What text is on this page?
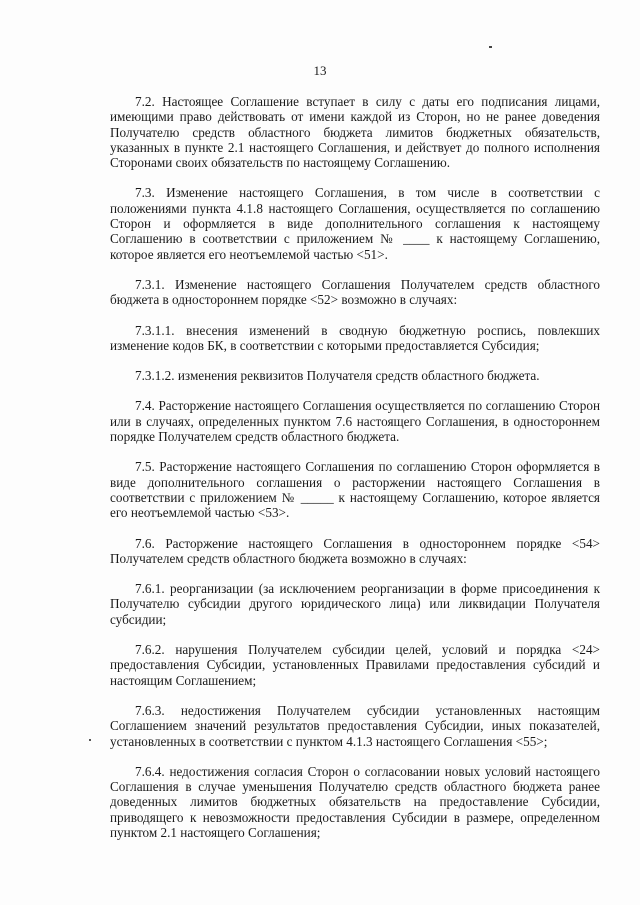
13

7.2. Настоящее Соглашение вступает в силу с даты его подписания лицами, имеющими право действовать от имени каждой из Сторон, но не ранее доведения Получателю средств областного бюджета лимитов бюджетных обязательств, указанных в пункте 2.1 настоящего Соглашения, и действует до полного исполнения Сторонами своих обязательств по настоящему Соглашению.

7.3. Изменение настоящего Соглашения, в том числе в соответствии с положениями пункта 4.1.8 настоящего Соглашения, осуществляется по соглашению Сторон и оформляется в виде дополнительного соглашения к настоящему Соглашению в соответствии с приложением № ____ к настоящему Соглашению, которое является его неотъемлемой частью <51>.

7.3.1. Изменение настоящего Соглашения Получателем средств областного бюджета в одностороннем порядке <52> возможно в случаях:

7.3.1.1. внесения изменений в сводную бюджетную роспись, повлекших изменение кодов БК, в соответствии с которыми предоставляется Субсидия;

7.3.1.2. изменения реквизитов Получателя средств областного бюджета.

7.4. Расторжение настоящего Соглашения осуществляется по соглашению Сторон или в случаях, определенных пунктом 7.6 настоящего Соглашения, в одностороннем порядке Получателем средств областного бюджета.

7.5. Расторжение настоящего Соглашения по соглашению Сторон оформляется в виде дополнительного соглашения о расторжении настоящего Соглашения в соответствии с приложением № _____ к настоящему Соглашению, которое является его неотъемлемой частью <53>.

7.6. Расторжение настоящего Соглашения в одностороннем порядке <54> Получателем средств областного бюджета возможно в случаях:

7.6.1. реорганизации (за исключением реорганизации в форме присоединения к Получателю субсидии другого юридического лица) или ликвидации Получателя субсидии;

7.6.2. нарушения Получателем субсидии целей, условий и порядка <24> предоставления Субсидии, установленных Правилами предоставления субсидий и настоящим Соглашением;

7.6.3. недостижения Получателем субсидии установленных настоящим Соглашением значений результатов предоставления Субсидии, иных показателей, установленных в соответствии с пунктом 4.1.3 настоящего Соглашения <55>;

7.6.4. недостижения согласия Сторон о согласовании новых условий настоящего Соглашения в случае уменьшения Получателю средств областного бюджета ранее доведенных лимитов бюджетных обязательств на предоставление Субсидии, приводящего к невозможности предоставления Субсидии в размере, определенном пунктом 2.1 настоящего Соглашения;
